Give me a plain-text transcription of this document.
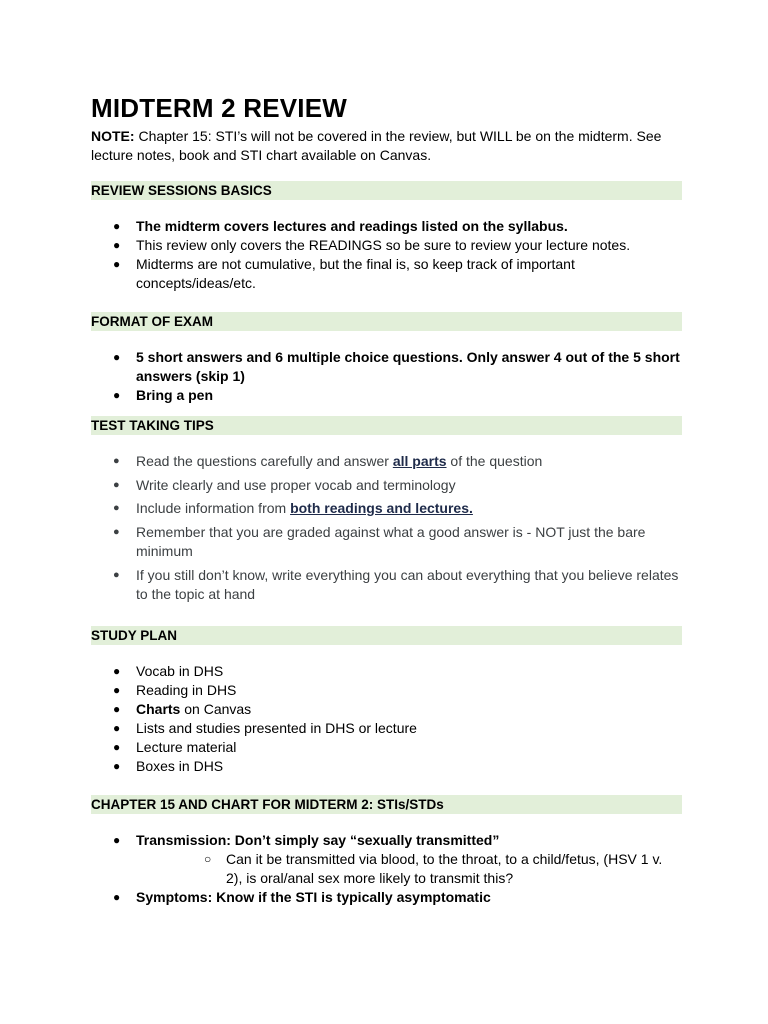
MIDTERM 2 REVIEW
NOTE: Chapter 15: STI’s will not be covered in the review, but WILL be on the midterm. See lecture notes, book and STI chart available on Canvas.
REVIEW SESSIONS BASICS
● The midterm covers lectures and readings listed on the syllabus.
● This review only covers the READINGS so be sure to review your lecture notes.
● Midterms are not cumulative, but the final is, so keep track of important concepts/ideas/etc.
FORMAT OF EXAM
● 5 short answers and 6 multiple choice questions. Only answer 4 out of the 5 short answers (skip 1)
● Bring a pen
TEST TAKING TIPS
● Read the questions carefully and answer all parts of the question
● Write clearly and use proper vocab and terminology
● Include information from both readings and lectures.
● Remember that you are graded against what a good answer is - NOT just the bare minimum
● If you still don’t know, write everything you can about everything that you believe relates to the topic at hand
STUDY PLAN
● Vocab in DHS
● Reading in DHS
● Charts on Canvas
● Lists and studies presented in DHS or lecture
● Lecture material
● Boxes in DHS
CHAPTER 15 AND CHART FOR MIDTERM 2: STIs/STDs
● Transmission: Don’t simply say “sexually transmitted”
○ Can it be transmitted via blood, to the throat, to a child/fetus, (HSV 1 v. 2), is oral/anal sex more likely to transmit this?
● Symptoms: Know if the STI is typically asymptomatic
